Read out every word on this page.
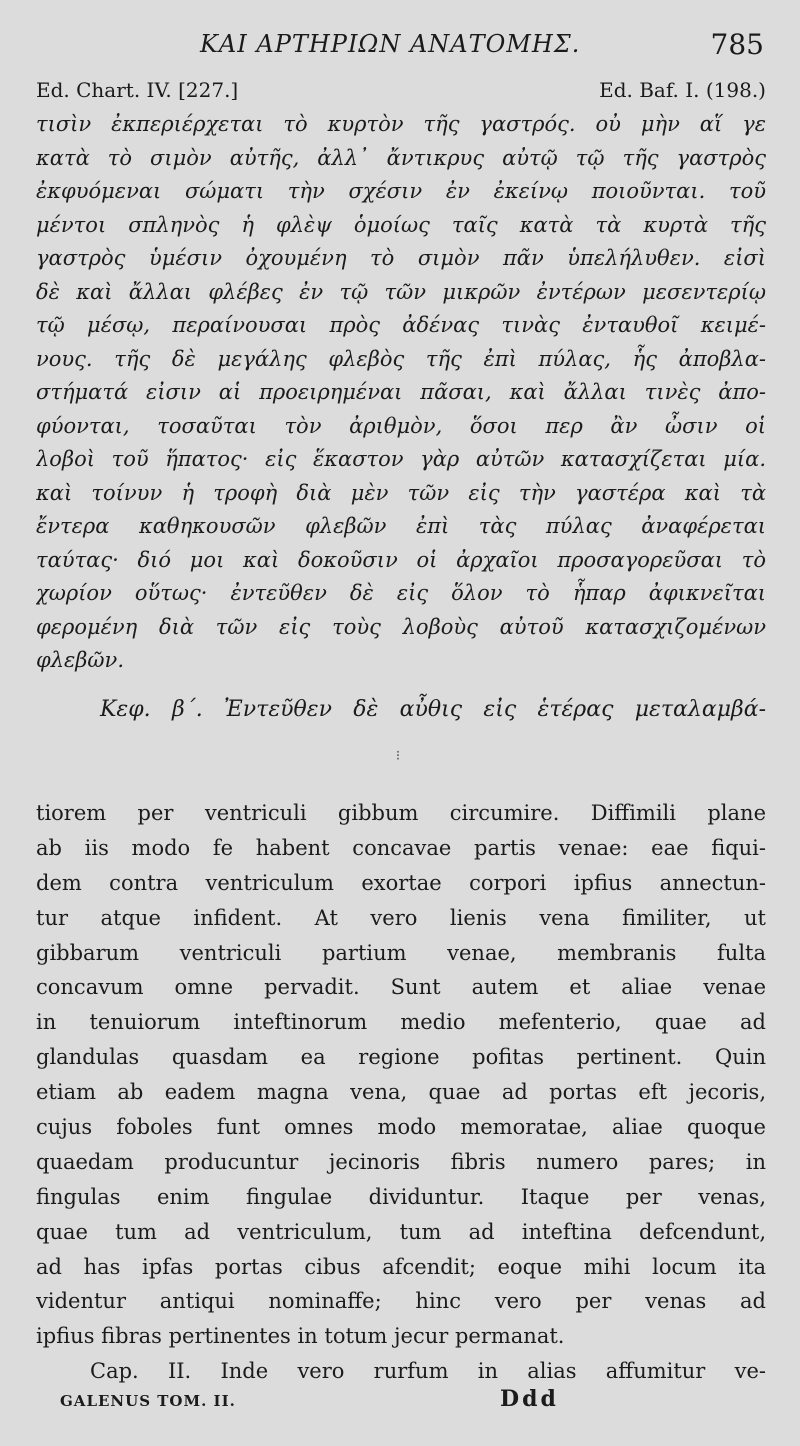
ΚΑΙ ΑΡΤΗΡΙΩΝ ΑΝΑΤΟΜΗΣ.	785
Ed. Chart. IV. [227.]	Ed. Baf. I. (198.)
τισὶν ἐκπεριέρχεται τὸ κυρτὸν τῆς γαστρός. οὐ μὴν αἵ γε
κατὰ τὸ σιμὸν αὐτῆς, ἀλλ᾽ ἄντικρυς αὐτῷ τῷ τῆς γαστρὸς
ἐκφυόμεναι σώματι τὴν σχέσιν ἐν ἐκείνῳ ποιοῦνται. τοῦ
μέντοι σπληνὸς ἡ φλὲψ ὁμοίως ταῖς κατὰ τὰ κυρτὰ τῆς
γαστρὸς ὑμέσιν ὀχουμένη τὸ σιμὸν πᾶν ὑπελήλυθεν. εἰσὶ
δὲ καὶ ἄλλαι φλέβες ἐν τῷ τῶν μικρῶν ἐντέρων μεσεντερίῳ
τῷ μέσῳ, περαίνουσαι πρὸς ἀδένας τινὰς ἐνταυθοῖ κειμέ-
νους. τῆς δὲ μεγάλης φλεβὸς τῆς ἐπὶ πύλας, ἧς ἀποβλα-
στήματά εἰσιν αἱ προειρημέναι πᾶσαι, καὶ ἄλλαι τινὲς ἀπο-
φύονται, τοσαῦται τὸν ἀριθμὸν, ὅσοι περ ἂν ὦσιν οἱ
λοβοὶ τοῦ ἥπατος· εἰς ἕκαστον γὰρ αὐτῶν κατασχίζεται μία.
καὶ τοίνυν ἡ τροφὴ διὰ μὲν τῶν εἰς τὴν γαστέρα καὶ τὰ
ἔντερα καθηκουσῶν φλεβῶν ἐπὶ τὰς πύλας ἀναφέρεται
ταύτας· διό μοι καὶ δοκοῦσιν οἱ ἀρχαῖοι προσαγορεῦσαι τὸ
χωρίον οὕτως· ἐντεῦθεν δὲ εἰς ὅλον τὸ ἧπαρ ἀφικνεῖται
φερομένη διὰ τῶν εἰς τοὺς λοβοὺς αὐτοῦ κατασχιζομένων
φλεβῶν.
Κεφ. β΄. Ἐντεῦθεν δὲ αὖθις εἰς ἑτέρας μεταλαμβά-
⁝
tiorem per ventriculi gibbum circumire. Diffimili plane
ab iis modo fe habent concavae partis venae: eae fiqui-
dem contra ventriculum exortae corpori ipfius annectun-
tur atque infident. At vero lienis vena fimiliter, ut
gibbarum ventriculi partium venae, membranis fulta
concavum omne pervadit. Sunt autem et aliae venae
in tenuiorum inteftinorum medio mefenterio, quae ad
glandulas quasdam ea regione pofitas pertinent. Quin
etiam ab eadem magna vena, quae ad portas eft jecoris,
cujus foboles funt omnes modo memoratae, aliae quoque
quaedam producuntur jecinoris fibris numero pares; in
fingulas enim fingulae dividuntur. Itaque per venas,
quae tum ad ventriculum, tum ad inteftina defcendunt,
ad has ipfas portas cibus afcendit; eoque mihi locum ita
videntur antiqui nominaffe; hinc vero per venas ad
ipfius fibras pertinentes in totum jecur permanat.
Cap. II. Inde vero rurfum in alias affumitur ve-
GALENUS TOM. II.	Ddd
